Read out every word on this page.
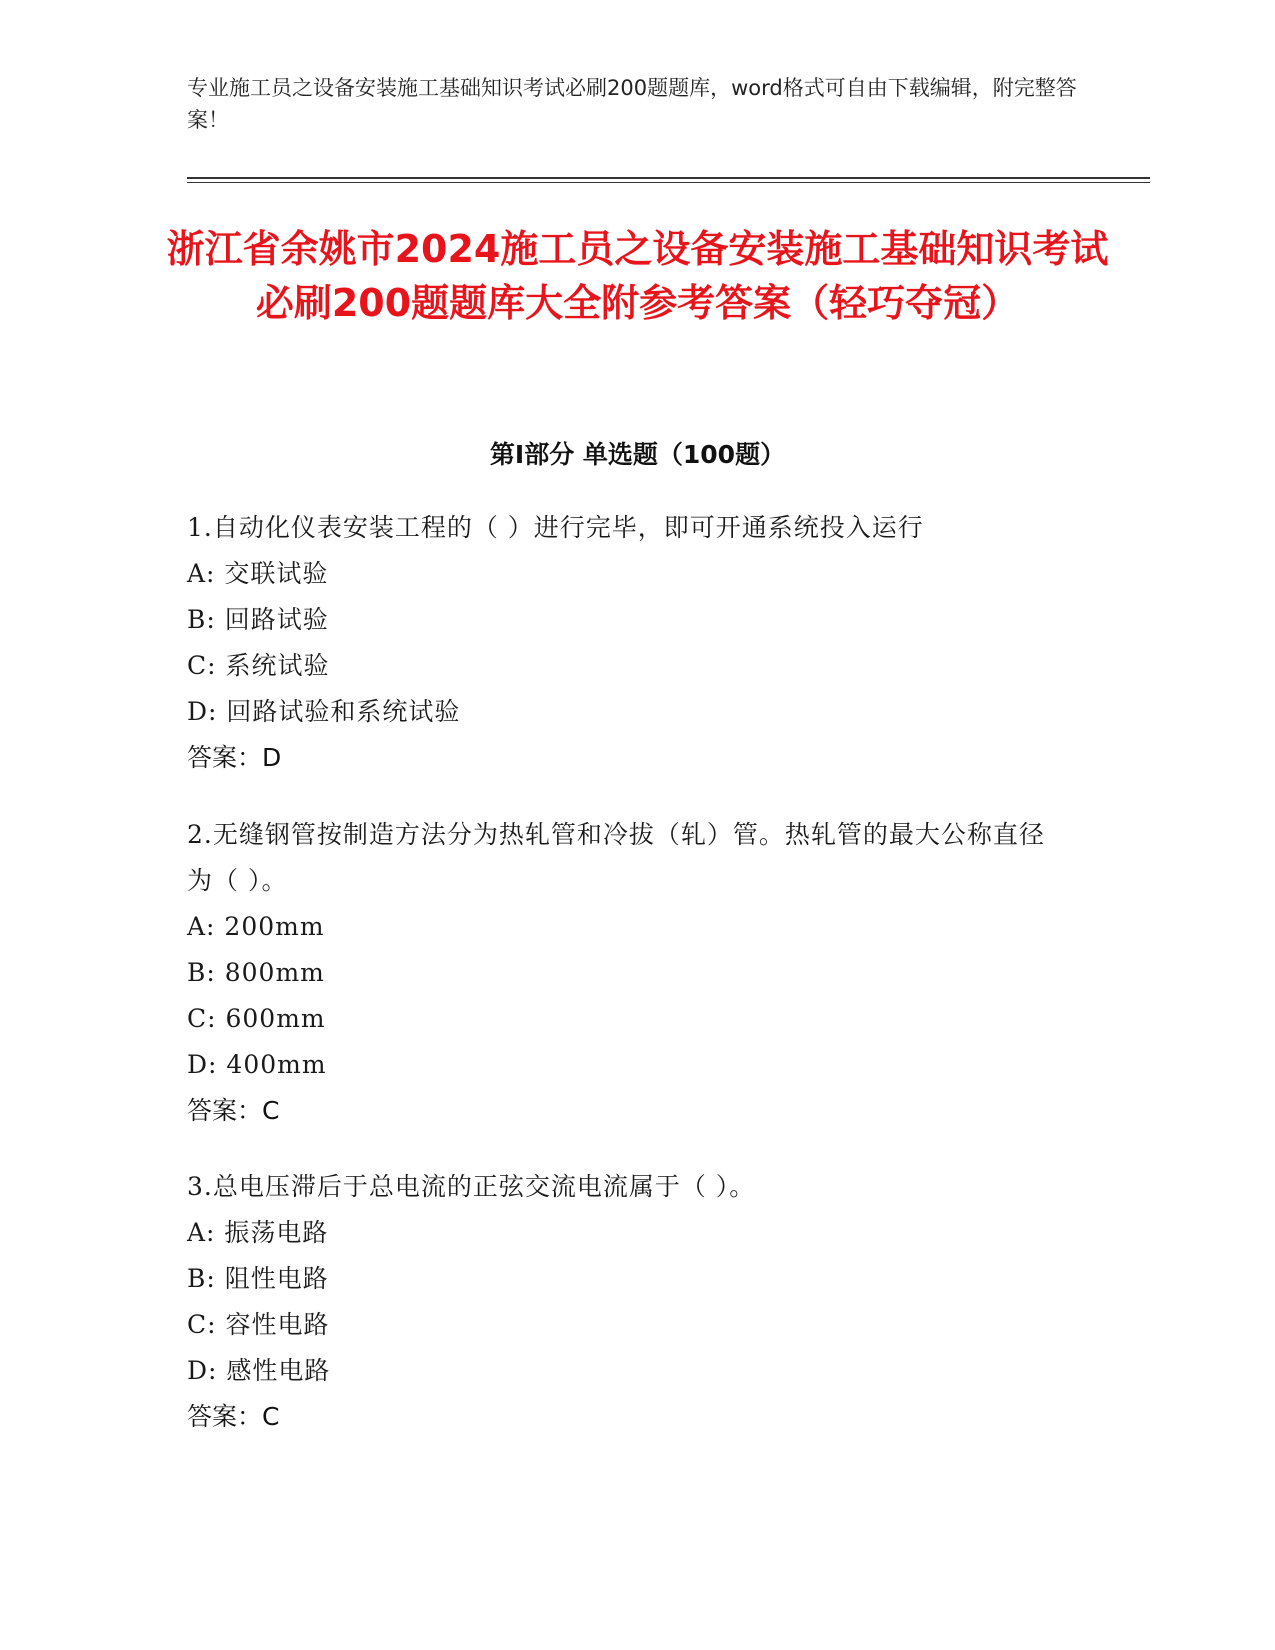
专业施工员之设备安装施工基础知识考试必刷200题题库，word格式可自由下载编辑，附完整答案！
浙江省余姚市2024施工员之设备安装施工基础知识考试必刷200题题库大全附参考答案（轻巧夺冠）
第Ⅰ部分 单选题（100题）
1.自动化仪表安装工程的（ ）进行完毕，即可开通系统投入运行
A: 交联试验
B: 回路试验
C: 系统试验
D: 回路试验和系统试验
答案：D
2.无缝钢管按制造方法分为热轧管和冷拔（轧）管。热轧管的最大公称直径为（ ）。
A: 200mm
B: 800mm
C: 600mm
D: 400mm
答案：C
3.总电压滞后于总电流的正弦交流电流属于（ ）。
A: 振荡电路
B: 阻性电路
C: 容性电路
D: 感性电路
答案：C
